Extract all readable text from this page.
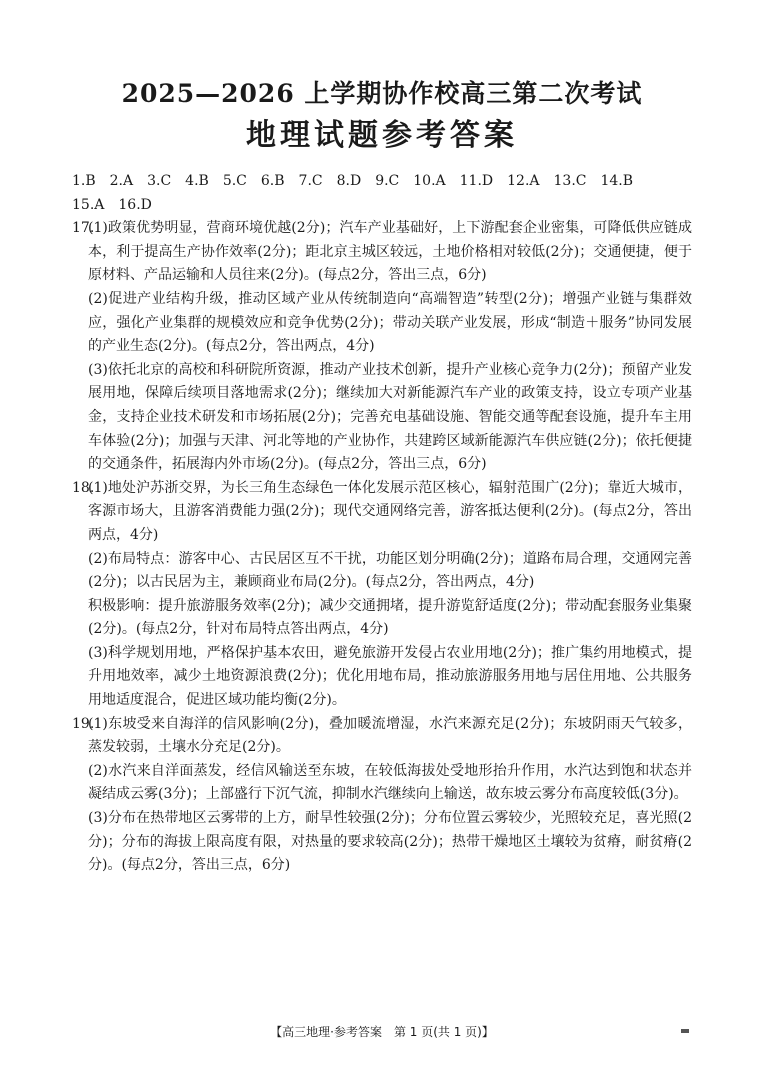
2025—2026 上学期协作校高三第二次考试
地理试题参考答案
1.B　2.A　3.C　4.B　5.C　6.B　7.C　8.D　9.C　10.A　11.D　12.A　13.C　14.B
15.A　16.D

17.(1)政策优势明显，营商环境优越(2分)；汽车产业基础好，上下游配套企业密集，可降低供应链成本，利于提高生产协作效率(2分)；距北京主城区较远，土地价格相对较低(2分)；交通便捷，便于原材料、产品运输和人员往来(2分)。(每点2分，答出三点，6分)

(2)促进产业结构升级，推动区域产业从传统制造向“高端智造”转型(2分)；增强产业链与集群效应，强化产业集群的规模效应和竞争优势(2分)；带动关联产业发展，形成“制造＋服务”协同发展的产业生态(2分)。(每点2分，答出两点，4分)

(3)依托北京的高校和科研院所资源，推动产业技术创新，提升产业核心竞争力(2分)；预留产业发展用地，保障后续项目落地需求(2分)；继续加大对新能源汽车产业的政策支持，设立专项产业基金，支持企业技术研发和市场拓展(2分)；完善充电基础设施、智能交通等配套设施，提升车主用车体验(2分)；加强与天津、河北等地的产业协作，共建跨区域新能源汽车供应链(2分)；依托便捷的交通条件，拓展海内外市场(2分)。(每点2分，答出三点，6分)

18.(1)地处沪苏浙交界，为长三角生态绿色一体化发展示范区核心，辐射范围广(2分)；靠近大城市，客源市场大，且游客消费能力强(2分)；现代交通网络完善，游客抵达便利(2分)。(每点2分，答出两点，4分)

(2)布局特点：游客中心、古民居区互不干扰，功能区划分明确(2分)；道路布局合理，交通网完善(2分)；以古民居为主，兼顾商业布局(2分)。(每点2分，答出两点，4分)

积极影响：提升旅游服务效率(2分)；减少交通拥堵，提升游览舒适度(2分)；带动配套服务业集聚(2分)。(每点2分，针对布局特点答出两点，4分)

(3)科学规划用地，严格保护基本农田，避免旅游开发侵占农业用地(2分)；推广集约用地模式，提升用地效率，减少土地资源浪费(2分)；优化用地布局，推动旅游服务用地与居住用地、公共服务用地适度混合，促进区域功能均衡(2分)。

19.(1)东坡受来自海洋的信风影响(2分)，叠加暖流增湿，水汽来源充足(2分)；东坡阴雨天气较多，蒸发较弱，土壤水分充足(2分)。

(2)水汽来自洋面蒸发，经信风输送至东坡，在较低海拔处受地形抬升作用，水汽达到饱和状态并凝结成云雾(3分)；上部盛行下沉气流，抑制水汽继续向上输送，故东坡云雾分布高度较低(3分)。

(3)分布在热带地区云雾带的上方，耐旱性较强(2分)；分布位置云雾较少，光照较充足，喜光照(2分)；分布的海拔上限高度有限，对热量的要求较高(2分)；热带干燥地区土壤较为贫瘠，耐贫瘠(2分)。(每点2分，答出三点，6分)

【高三地理·参考答案　第 1 页(共 1 页)】
